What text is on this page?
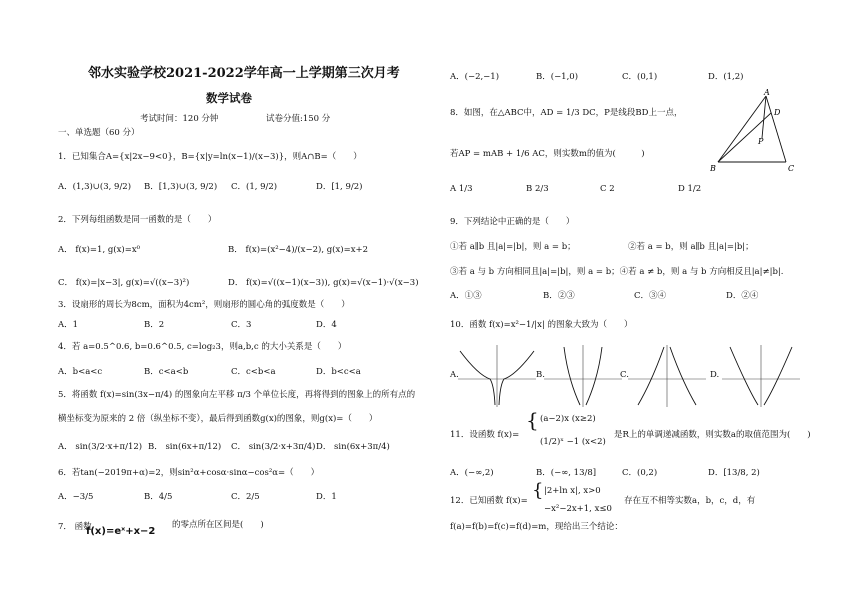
邻水实验学校2021-2022学年高一上学期第三次月考
数学试卷
考试时间：120 分钟	试卷分值:150 分
一、单选题（60 分）
1．已知集合A={x|2x−9<0}，B={x|y=ln(x−1)/(x−3)}，则A∩B=（　　）
A．(1,3)∪(3, 9/2) B．[1,3)∪(3, 9/2) C．(1, 9/2)	D．[1, 9/2)
2．下列每组函数是同一函数的是（　　）
A． f(x)=1, g(x)=x⁰	B． f(x)=(x²−4)/(x−2), g(x)=x+2
C． f(x)=|x−3|, g(x)=√((x−3)²)	D． f(x)=√((x−1)(x−3)), g(x)=√(x−1)·√(x−3)
3．设扇形的周长为8cm，面积为4cm²，则扇形的圆心角的弧度数是（　　）
A．1	B．2	C．3	D．4
4．若 a=0.5^0.6, b=0.6^0.5, c=log₂3，则a,b,c 的大小关系是（　　）
A．b<a<c	B．c<a<b	C．c<b<a	D．b<c<a
5．将函数 f(x)=sin(3x−π/4) 的图象向左平移 π/3 个单位长度，再将得到的图象上的所有点的
横坐标变为原来的 2 倍（纵坐标不变），最后得到函数g(x)的图象，则g(x)=（　　）
A． sin(3/2·x+π/12) B． sin(6x+π/12) C． sin(3/2·x+3π/4) D． sin(6x+3π/4)
6．若tan(−2019π+α)=2，则sin²α+cosα·sinα−cos²α=（　　）
A．−3/5	B．4/5	C．2/5	D．1
7． 函数
f(x)=eˣ+x−2
的零点所在区间是(　　)
A．(−2,−1)	B．(−1,0)	C．(0,1)	D．(1,2)
8．如图，在△ABC中，AD = 1/3 DC，P是线段BD上一点，
若AP = mAB + 1/6 AC，则实数m的值为(　　　)
A 1/3	B 2/3	C 2	D 1/2
A
B	C
D
P
9．下列结论中正确的是（　　）
①若 a∥b 且|a|=|b|，则 a = b；	②若 a = b，则 a∥b 且|a|=|b|；
③若 a 与 b 方向相同且|a|=|b|，则 a = b；④若 a ≠ b，则 a 与 b 方向相反且|a|≠|b|.
A．①③	B．②③	C．③④	D．②④
10．函数 f(x)=x²−1/|x| 的图象大致为（　　）
A.	B.	C.	D.
11．设函数 f(x)=
{ (a−2)x (x≥2)
(1/2)ˣ −1 (x<2)
是R上的单调递减函数，则实数a的取值范围为(　　)
A．(−∞,2)	B．(−∞, 13/8]	C．(0,2)	D．[13/8, 2)
12．已知函数 f(x)= { |2+ln x|, x>0
−x²−2x+1, x≤0
存在互不相等实数a，b，c，d，有
f(a)=f(b)=f(c)=f(d)=m，现给出三个结论：
